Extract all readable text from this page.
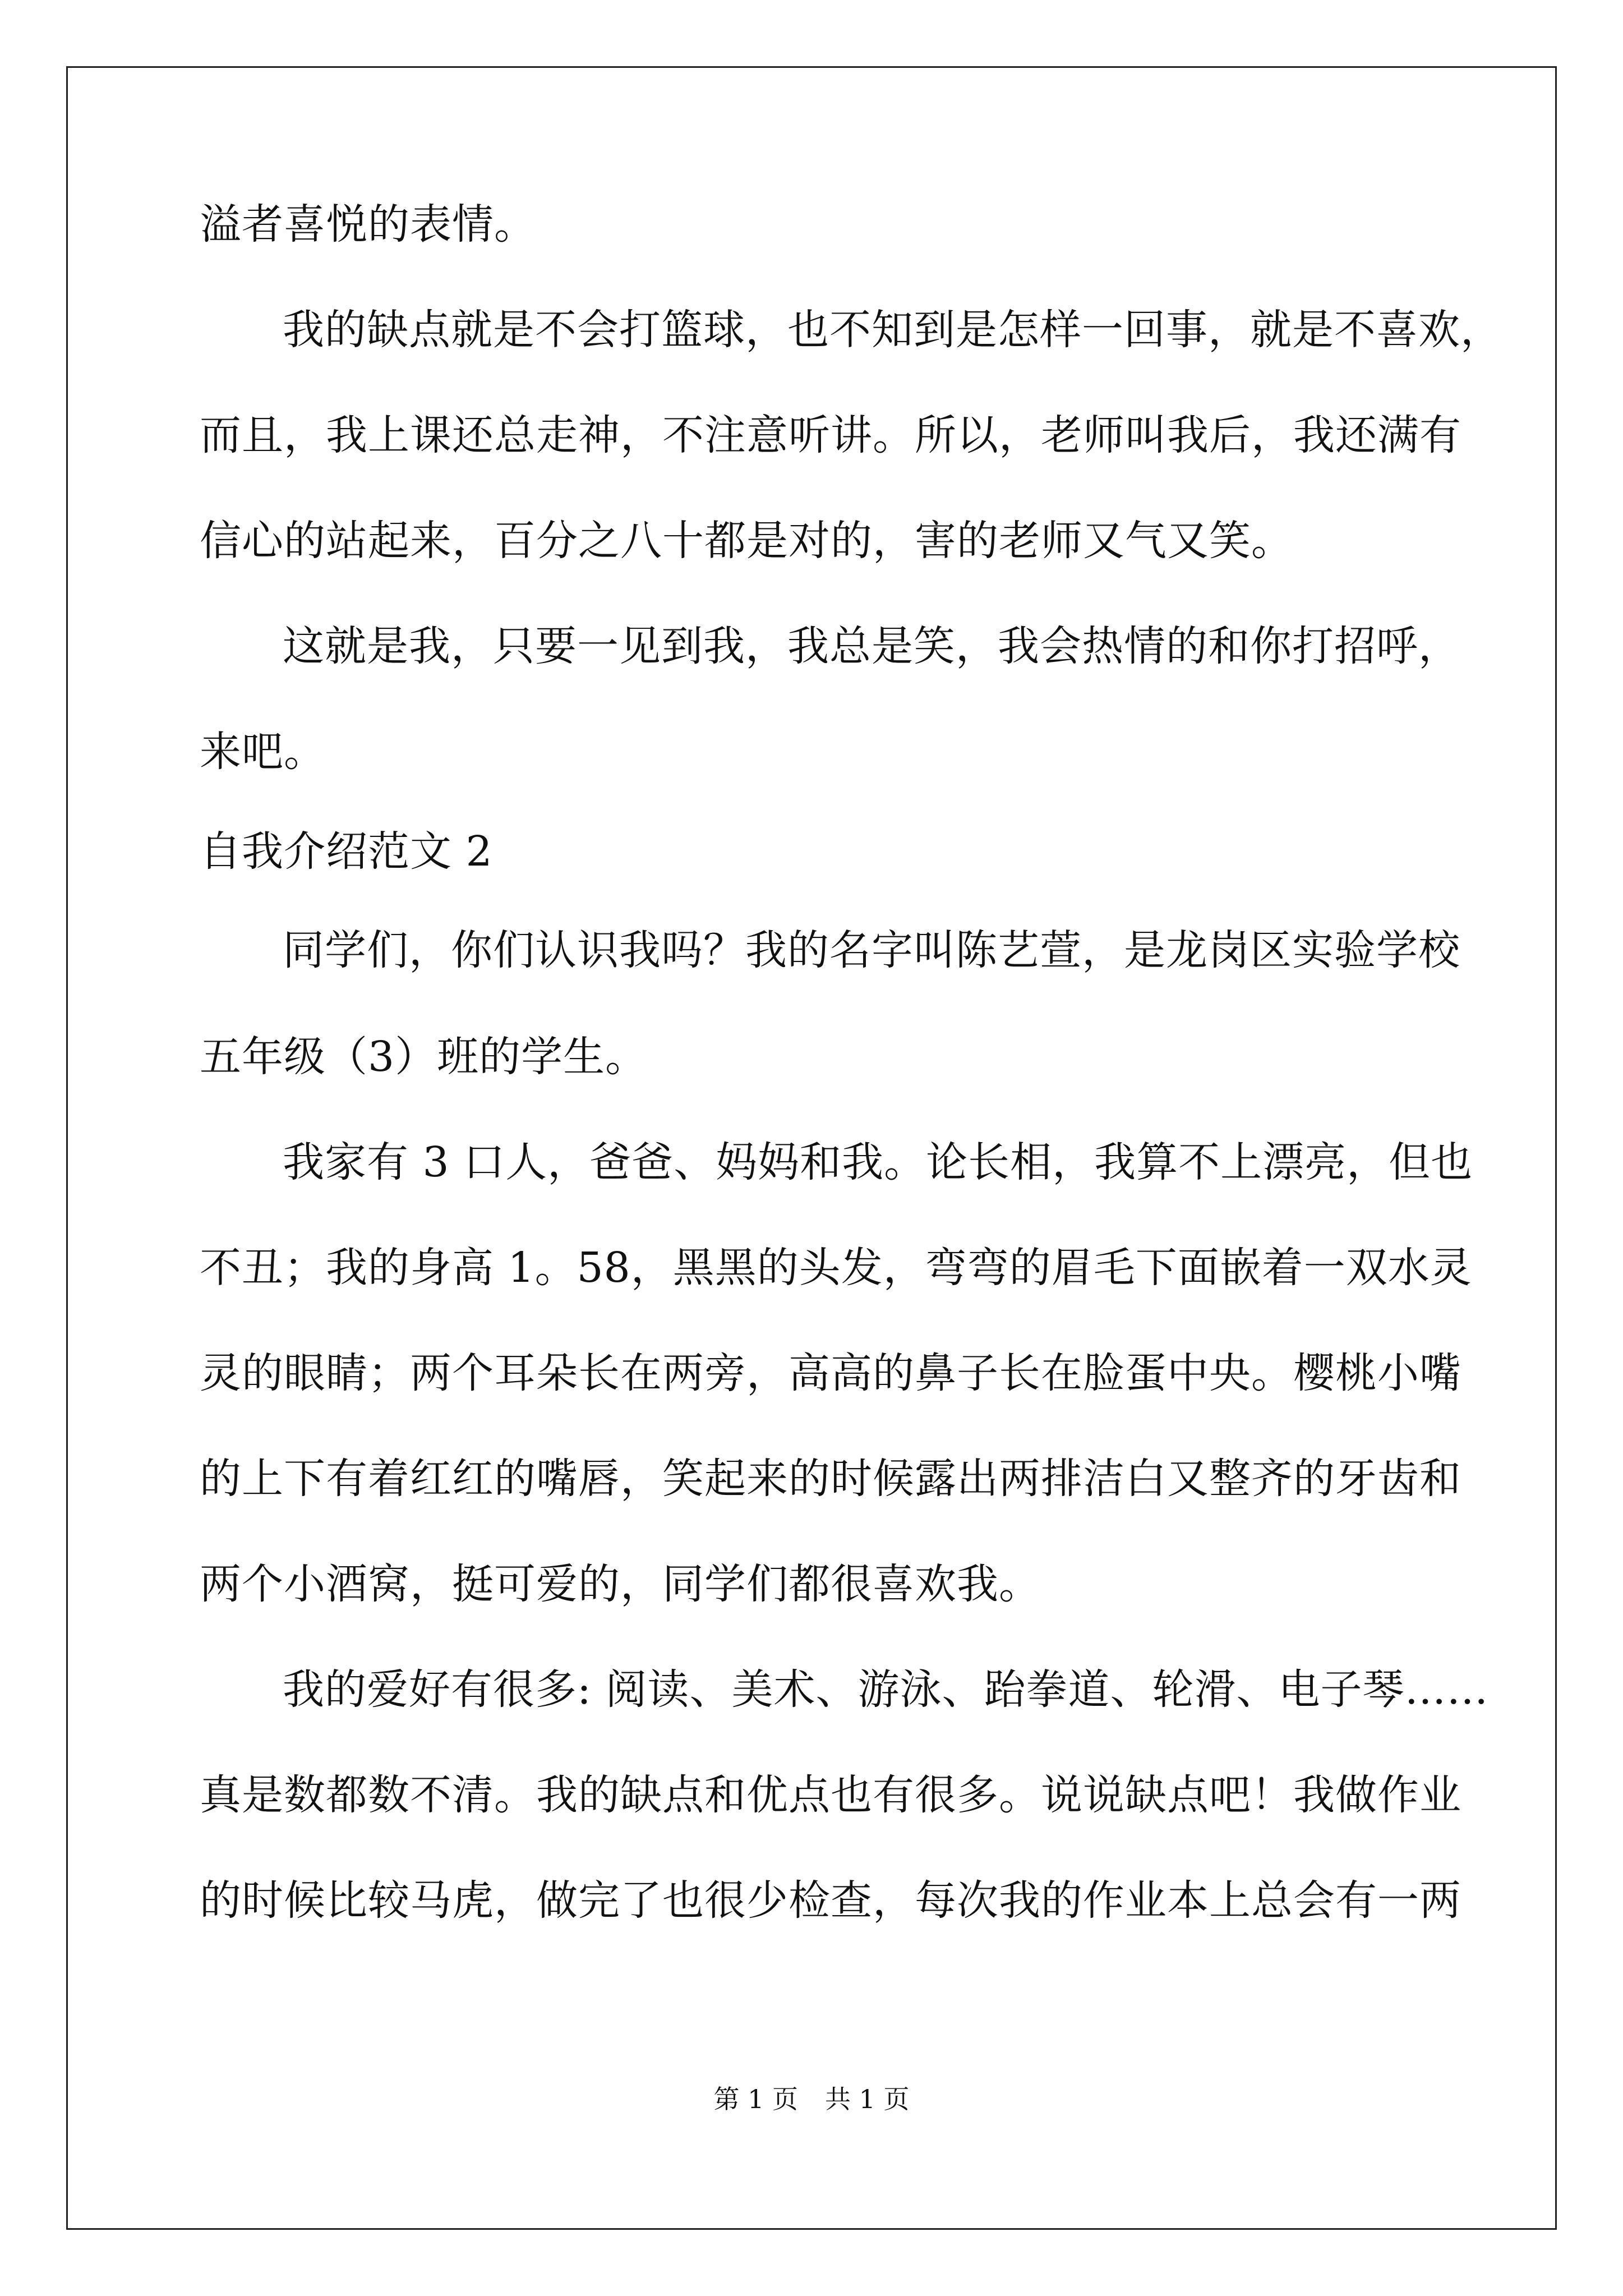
溢者喜悦的表情。
我的缺点就是不会打篮球，也不知到是怎样一回事，就是不喜欢，
而且，我上课还总走神，不注意听讲。所以，老师叫我后，我还满有
信心的站起来，百分之八十都是对的，害的老师又气又笑。
这就是我，只要一见到我，我总是笑，我会热情的和你打招呼，
来吧。
自我介绍范文 2
同学们，你们认识我吗？我的名字叫陈艺萱，是龙岗区实验学校
五年级（3）班的学生。
我家有 3 口人，爸爸、妈妈和我。论长相，我算不上漂亮，但也
不丑；我的身高 1。58，黑黑的头发，弯弯的眉毛下面嵌着一双水灵
灵的眼睛；两个耳朵长在两旁，高高的鼻子长在脸蛋中央。樱桃小嘴
的上下有着红红的嘴唇，笑起来的时候露出两排洁白又整齐的牙齿和
两个小酒窝，挺可爱的，同学们都很喜欢我。
我的爱好有很多: 阅读、美术、游泳、跆拳道、轮滑、电子琴……
真是数都数不清。我的缺点和优点也有很多。说说缺点吧！我做作业
的时候比较马虎，做完了也很少检查，每次我的作业本上总会有一两
第 1 页 共 1 页
